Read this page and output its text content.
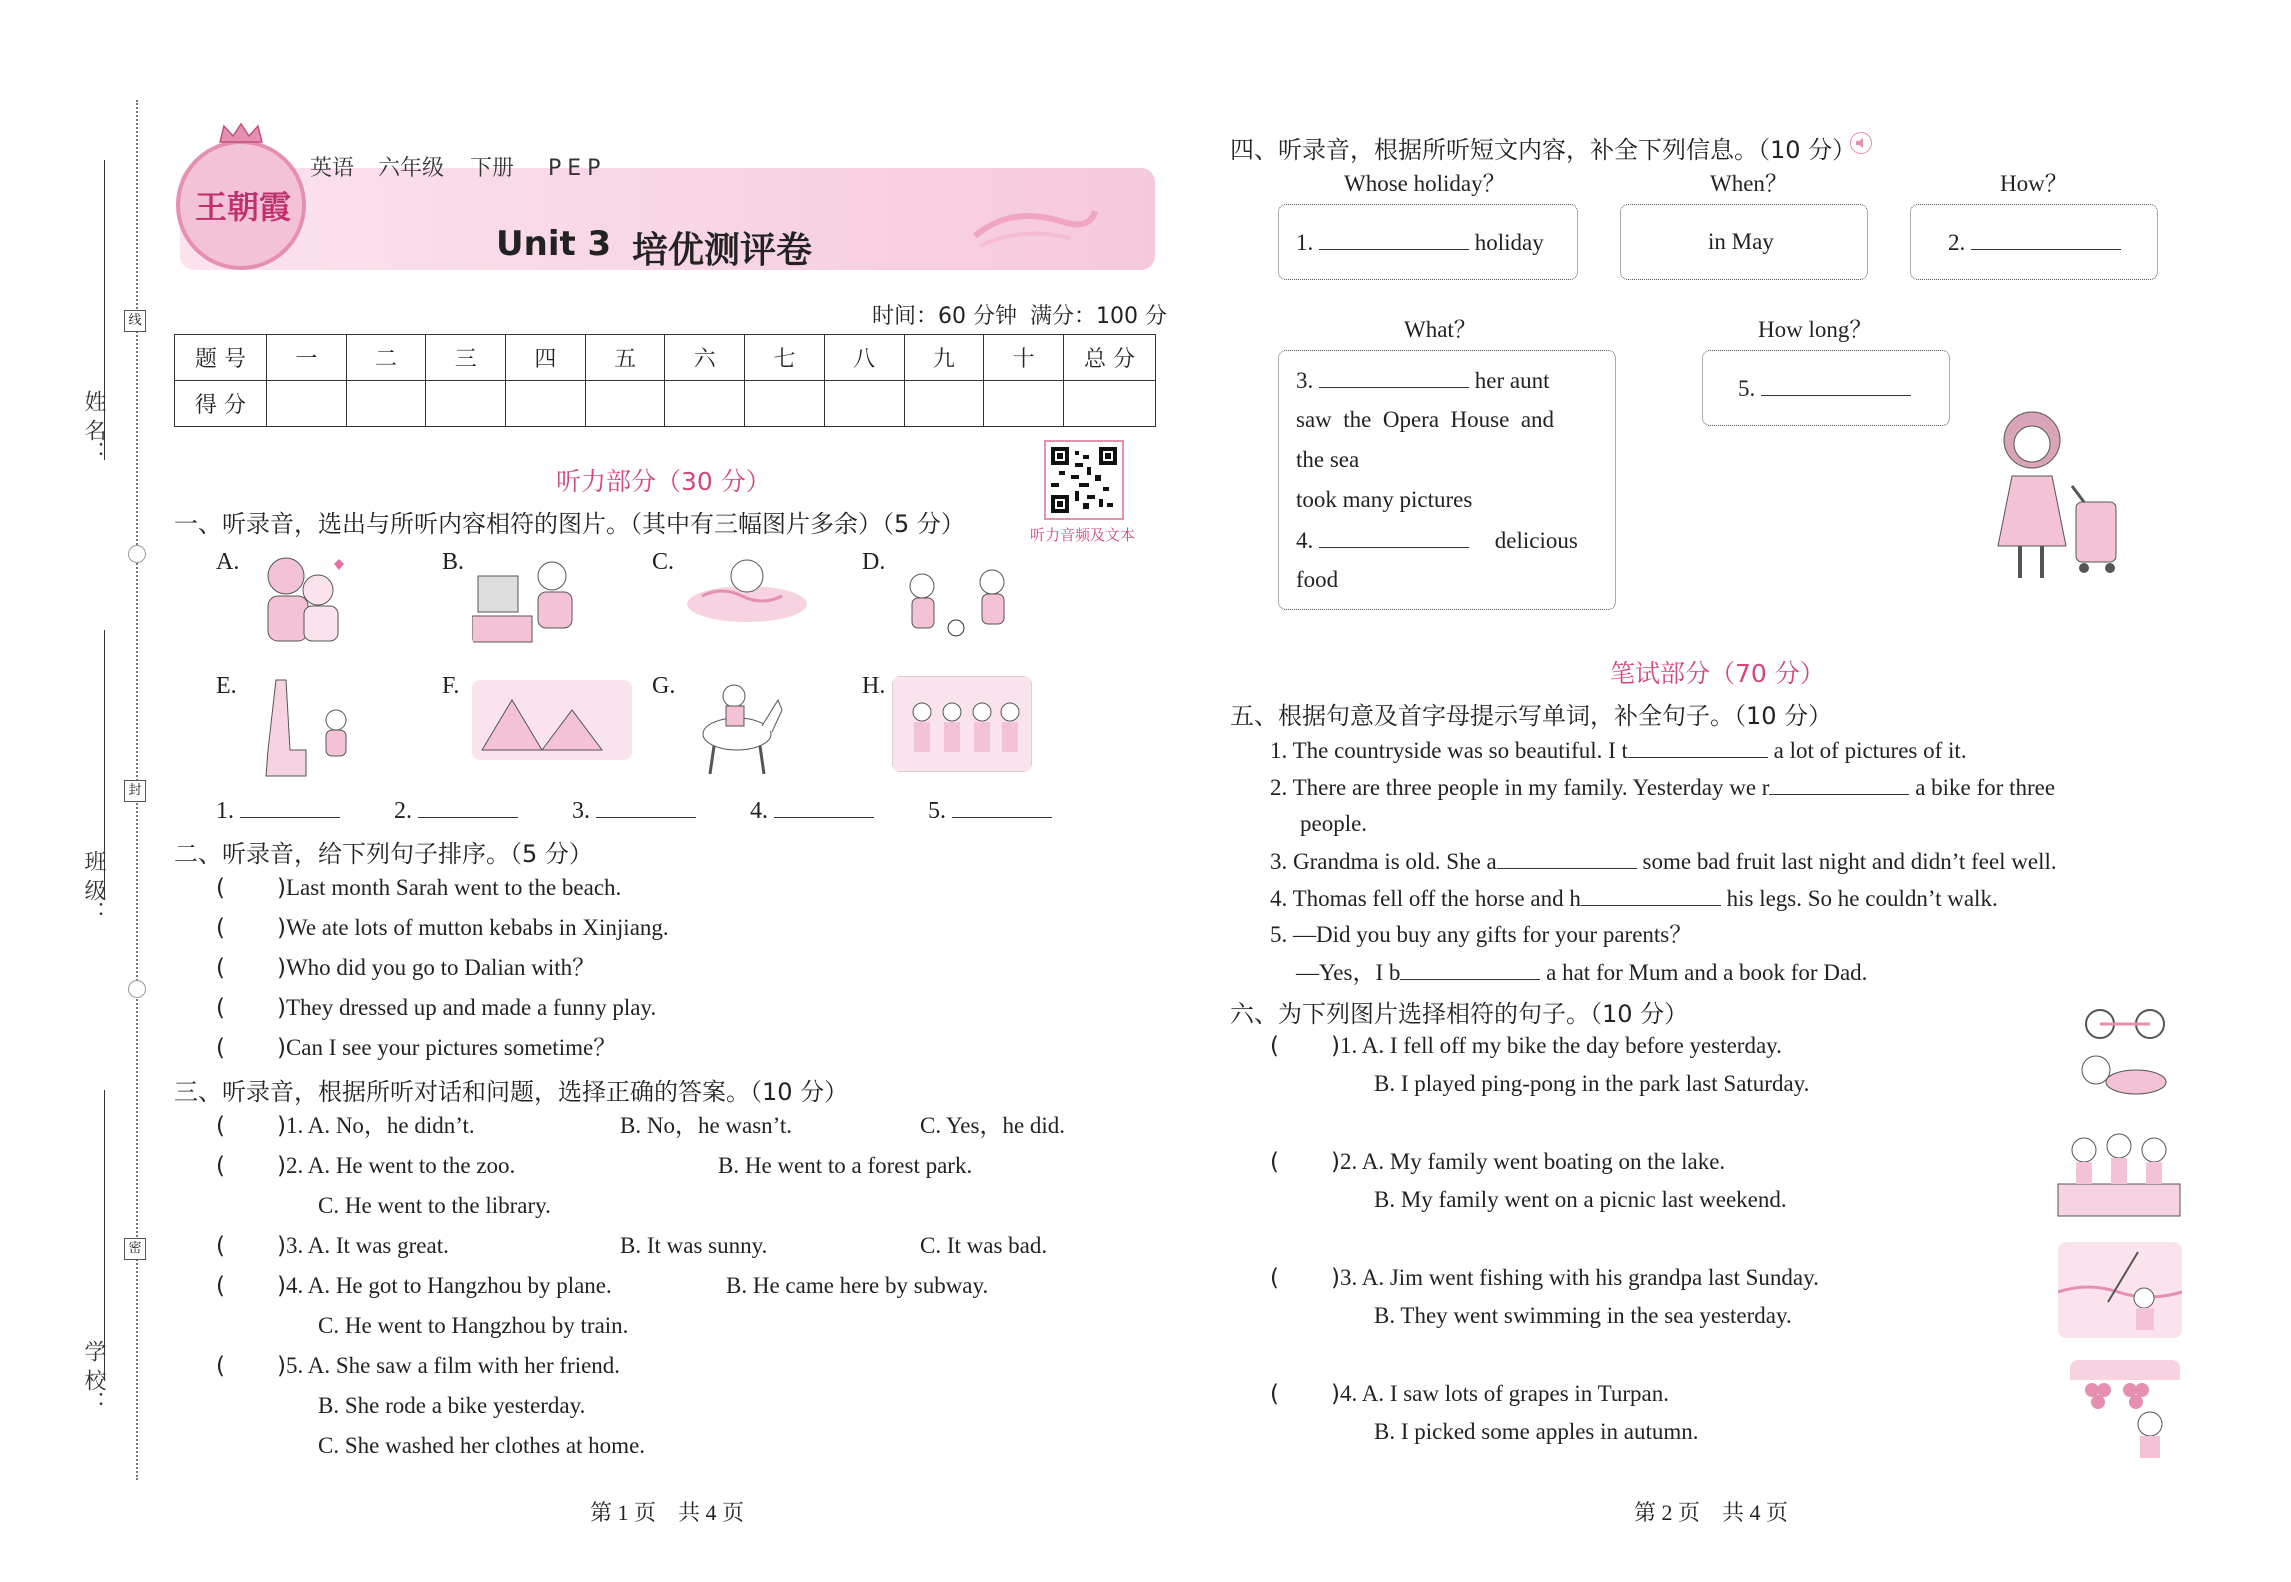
姓 名：
班 级：
学 校：
线
封
密
王朝霞
英语 六年级 下册 PEP
Unit 3 培优测评卷
时间：60 分钟 满分：100 分
题 号	一	二	三	四	五	六	七	八	九	十	总 分
得 分											
听力音频及文本
听力部分（30 分）
一、听录音，选出与所听内容相符的图片。（其中有三幅图片多余）（5 分）
A.	B.	C.	D.
E.	F.	G.	H.
1.	2.	3.	4.	5.
二、听录音，给下列句子排序。（5 分）
( )Last month Sarah went to the beach.
( )We ate lots of mutton kebabs in Xinjiang.
( )Who did you go to Dalian with？
( )They dressed up and made a funny play.
( )Can I see your pictures sometime？
三、听录音，根据所听对话和问题，选择正确的答案。（10 分）
( )1. A. No，he didn’t.	B. No，he wasn’t.	C. Yes，he did.
( )2. A. He went to the zoo.	B. He went to a forest park.
C. He went to the library.
( )3. A. It was great.	B. It was sunny.	C. It was bad.
( )4. A. He got to Hangzhou by plane.	B. He came here by subway.
C. He went to Hangzhou by train.
( )5. A. She saw a film with her friend.
B. She rode a bike yesterday.
C. She washed her clothes at home.
第 1 页    共 4 页
四、听录音，根据所听短文内容，补全下列信息。（10 分）
Whose holiday？	When？	How？
1.	holiday	in May	2.
What？	How long？
3.	her aunt
saw  the  Opera  House  and
the sea
took many pictures
4.	delicious
food
5.
笔试部分（70 分）
五、根据句意及首字母提示写单词，补全句子。（10 分）
1. The countryside was so beautiful. I t	a lot of pictures of it.
2. There are three people in my family. Yesterday we r	a bike for three
people.
3. Grandma is old. She a	some bad fruit last night and didn’t feel well.
4. Thomas fell off the horse and h	his legs. So he couldn’t walk.
5. —Did you buy any gifts for your parents？
—Yes，I b	a hat for Mum and a book for Dad.
六、为下列图片选择相符的句子。（10 分）
( )1. A. I fell off my bike the day before yesterday.
B. I played ping-pong in the park last Saturday.
( )2. A. My family went boating on the lake.
B. My family went on a picnic last weekend.
( )3. A. Jim went fishing with his grandpa last Sunday.
B. They went swimming in the sea yesterday.
( )4. A. I saw lots of grapes in Turpan.
B. I picked some apples in autumn.
第 2 页    共 4 页
